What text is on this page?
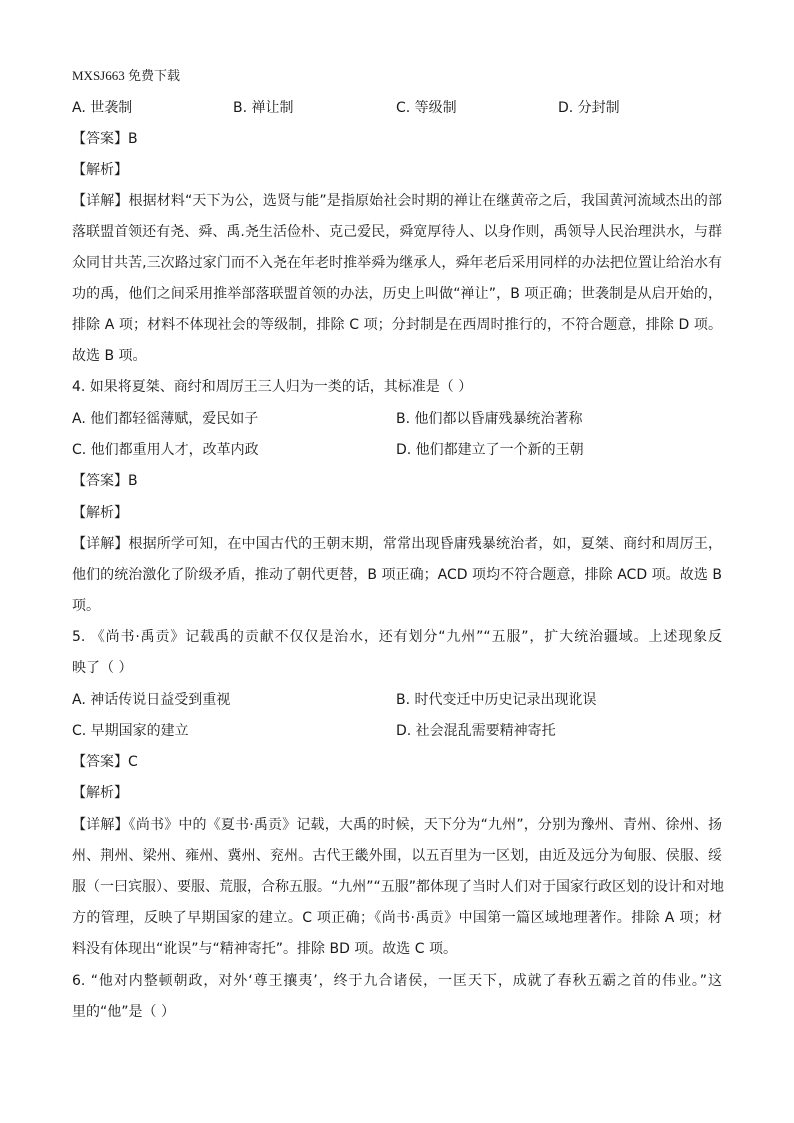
MXSJ663 免费下载
A. 世袭制	B. 禅让制	C. 等级制	D. 分封制
【答案】B
【解析】
【详解】根据材料“天下为公，选贤与能”是指原始社会时期的禅让在继黄帝之后，我国黄河流域杰出的部
落联盟首领还有尧、舜、禹.尧生活俭朴、克己爱民，舜宽厚待人、以身作则，禹领导人民治理洪水，与群
众同甘共苦,三次路过家门而不入尧在年老时推举舜为继承人，舜年老后采用同样的办法把位置让给治水有
功的禹，他们之间采用推举部落联盟首领的办法，历史上叫做“禅让”，B 项正确；世袭制是从启开始的，
排除 A 项；材料不体现社会的等级制，排除 C 项；分封制是在西周时推行的，不符合题意，排除 D 项。
故选 B 项。
4. 如果将夏桀、商纣和周厉王三人归为一类的话，其标准是（ ）
A. 他们都轻徭薄赋，爱民如子	B. 他们都以昏庸残暴统治著称
C. 他们都重用人才，改革内政	D. 他们都建立了一个新的王朝
【答案】B
【解析】
【详解】根据所学可知，在中国古代的王朝末期，常常出现昏庸残暴统治者，如，夏桀、商纣和周厉王，
他们的统治激化了阶级矛盾，推动了朝代更替，B 项正确；ACD 项均不符合题意，排除 ACD 项。故选 B
项。
5. 《尚书·禹贡》记载禹的贡献不仅仅是治水，还有划分“九州”“五服”，扩大统治疆域。上述现象反
映了（ ）
A. 神话传说日益受到重视	B. 时代变迁中历史记录出现讹误
C. 早期国家的建立	D. 社会混乱需要精神寄托
【答案】C
【解析】
【详解】《尚书》中的《夏书·禹贡》记载，大禹的时候，天下分为“九州”，分别为豫州、青州、徐州、扬
州、荆州、梁州、雍州、冀州、兖州。古代王畿外围，以五百里为一区划，由近及远分为甸服、侯服、绥
服（一曰宾服）、要服、荒服，合称五服。“九州”“五服”都体现了当时人们对于国家行政区划的设计和对地
方的管理，反映了早期国家的建立。C 项正确；《尚书·禹贡》中国第一篇区域地理著作。排除 A 项；材
料没有体现出“讹误”与“精神寄托”。排除 BD 项。故选 C 项。
6. “他对内整顿朝政，对外‘尊王攘夷’，终于九合诸侯，一匡天下，成就了春秋五霸之首的伟业。”这
里的“他”是（ ）
